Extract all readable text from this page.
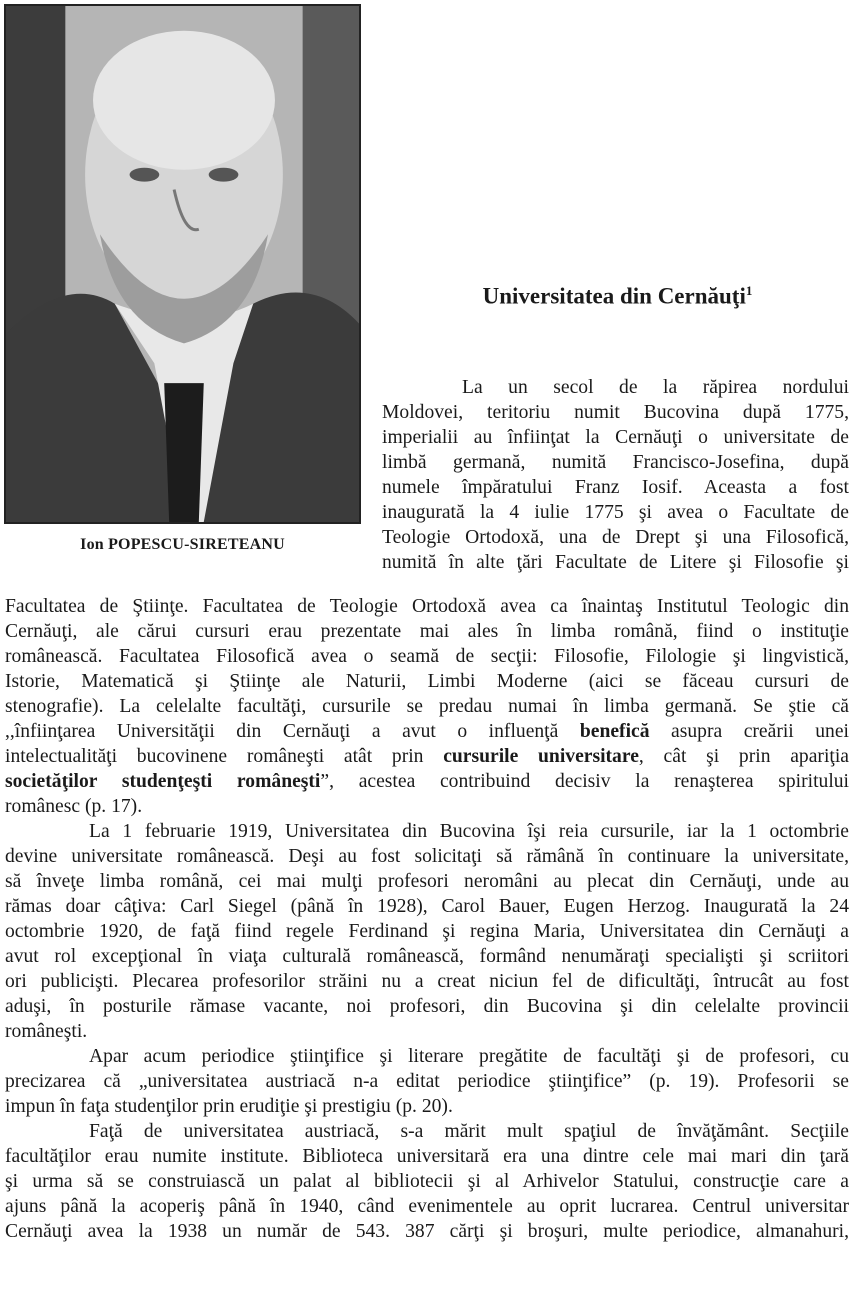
Ion POPESCU-SIRETEANU
Universitatea din Cernăuţi$^1$
La un secol de la răpirea nordului
Moldovei, teritoriu numit Bucovina după 1775,
imperialii au înfiinţat la Cernăuţi o universitate de
limbă germană, numită Francisco-Josefina, după
numele împăratului Franz Iosif. Aceasta a fost
inaugurată la 4 iulie 1775 şi avea o Facultate de
Teologie Ortodoxă, una de Drept şi una Filosofică,
numită în alte ţări Facultate de Litere şi Filosofie şi
Facultatea de Ştiinţe. Facultatea de Teologie Ortodoxă avea ca înaintaş Institutul Teologic din
Cernăuţi, ale cărui cursuri erau prezentate mai ales în limba română, fiind o instituţie
românească. Facultatea Filosofică avea o seamă de secţii: Filosofie, Filologie şi lingvistică,
Istorie, Matematică şi Ştiinţe ale Naturii, Limbi Moderne (aici se făceau cursuri de
stenografie). La celelalte facultăţi, cursurile se predau numai în limba germană. Se ştie că
,,înfiinţarea Universităţii din Cernăuţi a avut o influenţă benefică asupra creării unei
intelectualităţi bucovinene româneşti atât prin cursurile universitare, cât şi prin apariţia
societăţilor studenţeşti româneşti”, acestea contribuind decisiv la renaşterea spiritului
românesc (p. 17).
La 1 februarie 1919, Universitatea din Bucovina îşi reia cursurile, iar la 1 octombrie
devine universitate românească. Deşi au fost solicitaţi să rămână în continuare la universitate,
să înveţe limba română, cei mai mulţi profesori neromâni au plecat din Cernăuţi, unde au
rămas doar câţiva: Carl Siegel (până în 1928), Carol Bauer, Eugen Herzog. Inaugurată la 24
octombrie 1920, de faţă fiind regele Ferdinand şi regina Maria, Universitatea din Cernăuţi a
avut rol excepţional în viaţa culturală românească, formând nenumăraţi specialişti şi scriitori
ori publicişti. Plecarea profesorilor străini nu a creat niciun fel de dificultăţi, întrucât au fost
aduşi, în posturile rămase vacante, noi profesori, din Bucovina şi din celelalte provincii
româneşti.
Apar acum periodice ştiinţifice şi literare pregătite de facultăţi şi de profesori, cu
precizarea că „universitatea austriacă n-a editat periodice ştiinţifice” (p. 19). Profesorii se
impun în faţa studenţilor prin erudiţie şi prestigiu (p. 20).
Faţă de universitatea austriacă, s-a mărit mult spaţiul de învăţământ. Secţiile
facultăţilor erau numite institute. Biblioteca universitară era una dintre cele mai mari din ţară
şi urma să se construiască un palat al bibliotecii şi al Arhivelor Statului, construcţie care a
ajuns până la acoperiş până în 1940, când evenimentele au oprit lucrarea. Centrul universitar
Cernăuţi avea la 1938 un număr de 543. 387 cărţi şi broşuri, multe periodice, almanahuri,
